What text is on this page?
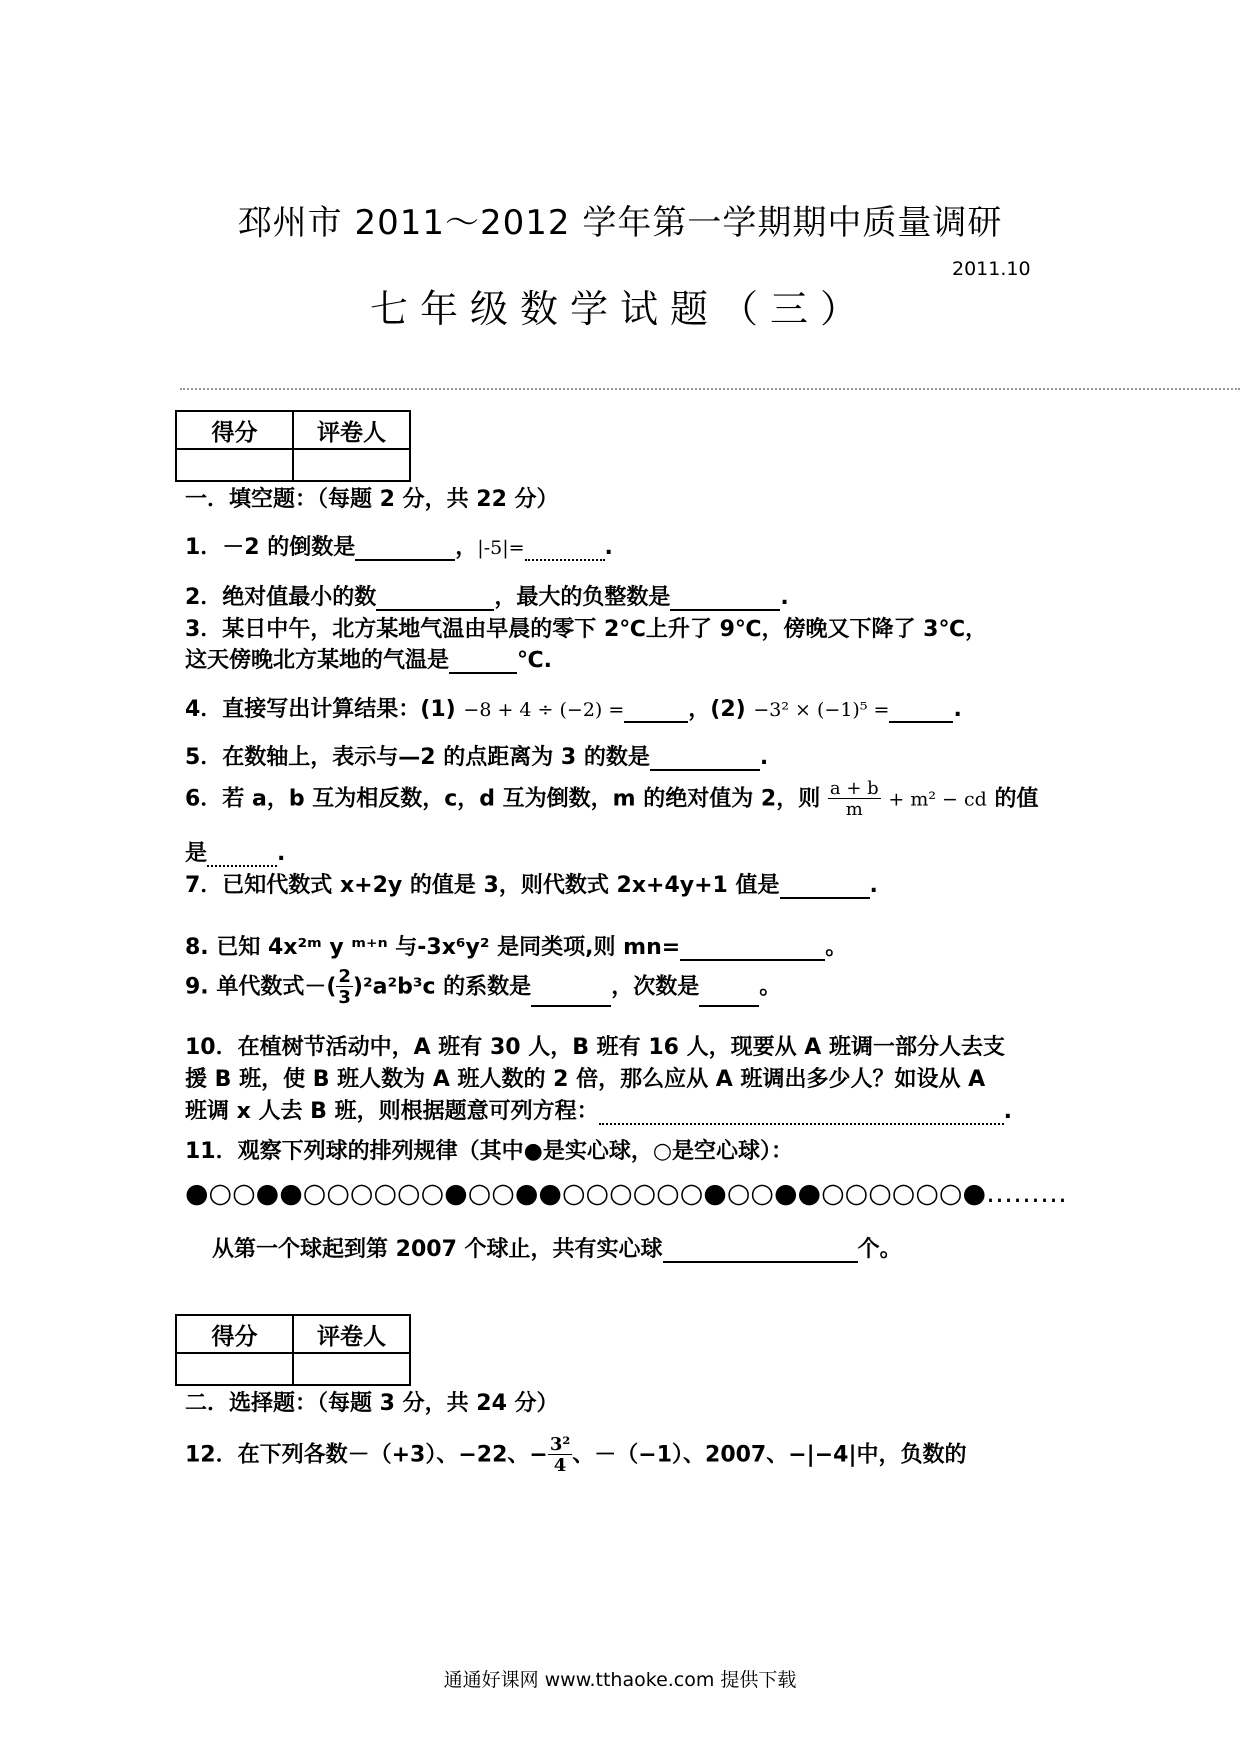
邳州市 2011～2012 学年第一学期期中质量调研
2011.10
七年级数学试题（三）
得分	评卷人

一．填空题：（每题 2 分，共 22 分）
1．－2 的倒数是	，|-5|=	.
2．绝对值最小的数	，最大的负整数是	.
3．某日中午，北方某地气温由早晨的零下 2℃上升了 9℃，傍晚又下降了 3℃，
这天傍晚北方某地的气温是	℃.
4．直接写出计算结果：(1) −8 + 4 ÷ (−2) =	，(2) −3² × (−1)⁵ =	.
5．在数轴上，表示与—2 的点距离为 3 的数是	.
6．若 a，b 互为相反数，c，d 互为倒数，m 的绝对值为 2，则 $\frac{a + b}{m} + m^2$ − cd 的值
是	.
7．已知代数式 x+2y 的值是 3，则代数式 2x+4y+1 值是	.
8. 已知 4x²ᵐ y ᵐ⁺ⁿ 与-3x⁶y² 是同类项,则 mn=	。
9. 单代数式－( $\frac{2}{3} )^2a^2b^3c$ 的系数是	，次数是	。
10．在植树节活动中，A 班有 30 人，B 班有 16 人，现要从 A 班调一部分人去支
援 B 班，使 B 班人数为 A 班人数的 2 倍，那么应从 A 班调出多少人？如设从 A
班调 x 人去 B 班，则根据题意可列方程：	.
11．观察下列球的排列规律（其中●是实心球，○是空心球）：
●○○●●○○○○○○●○○●●○○○○○○●○○●●○○○○○○●………
从第一个球起到第 2007 个球止，共有实心球	个。
得分	评卷人

二．选择题：（每题 3 分，共 24 分）
12．在下列各数－（+3）、−22、− $\frac{\text{3²}}{4}$ 、－（−1）、2007、−|−4|中，负数的
通通好课网 www.tthaoke.com 提供下载
